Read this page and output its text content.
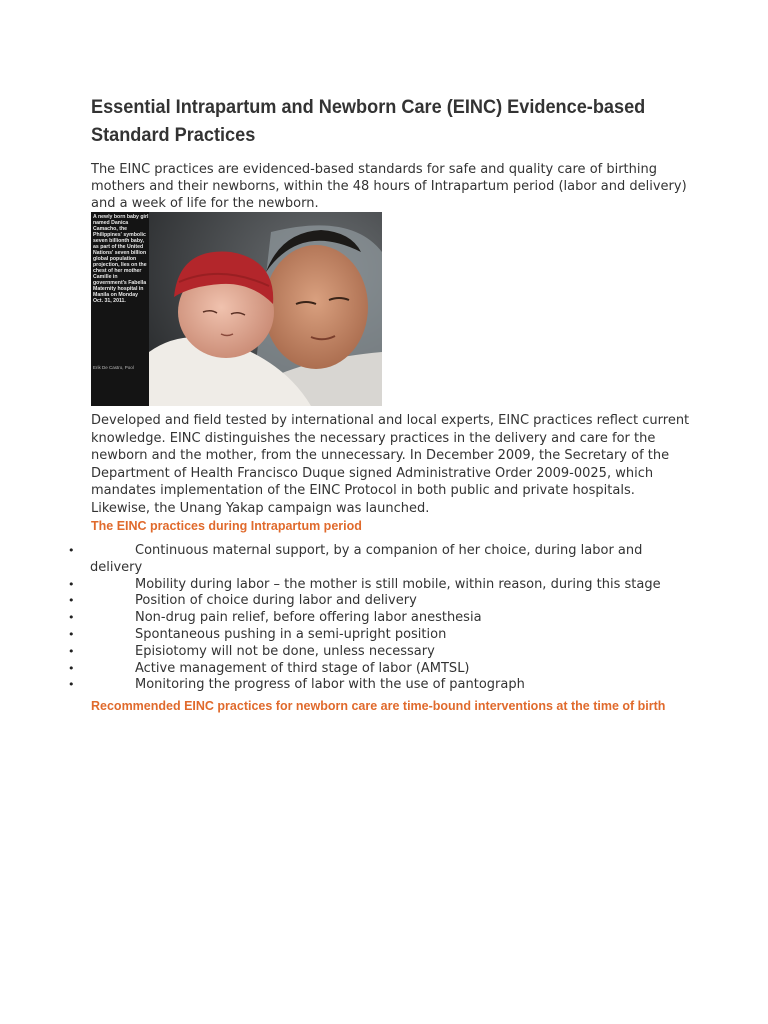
Essential Intrapartum and Newborn Care (EINC) Evidence-based Standard Practices

The EINC practices are evidenced-based standards for safe and quality care of birthing mothers and their newborns, within the 48 hours of Intrapartum period (labor and delivery) and a week of life for the newborn.

A newly born baby girl named Danica Camacho, the Philippines' symbolic seven billionth baby, as part of the United Nations' seven billion global population projection, lies on the chest of her mother Camille in government's Fabella Maternity hospital in Manila on Monday Oct. 31, 2011.
Erik De Castro, Pool

Developed and field tested by international and local experts, EINC practices reflect current knowledge. EINC distinguishes the necessary practices in the delivery and care for the newborn and the mother, from the unnecessary. In December 2009, the Secretary of the Department of Health Francisco Duque signed Administrative Order 2009-0025, which mandates implementation of the EINC Protocol in both public and private hospitals. Likewise, the Unang Yakap campaign was launched.

The EINC practices during Intrapartum period
•	Continuous maternal support, by a companion of her choice, during labor and delivery
•	Mobility during labor – the mother is still mobile, within reason, during this stage
•	Position of choice during labor and delivery
•	Non-drug pain relief, before offering labor anesthesia
•	Spontaneous pushing in a semi-upright position
•	Episiotomy will not be done, unless necessary
•	Active management of third stage of labor (AMTSL)
•	Monitoring the progress of labor with the use of pantograph
Recommended EINC practices for newborn care are time-bound interventions at the time of birth
